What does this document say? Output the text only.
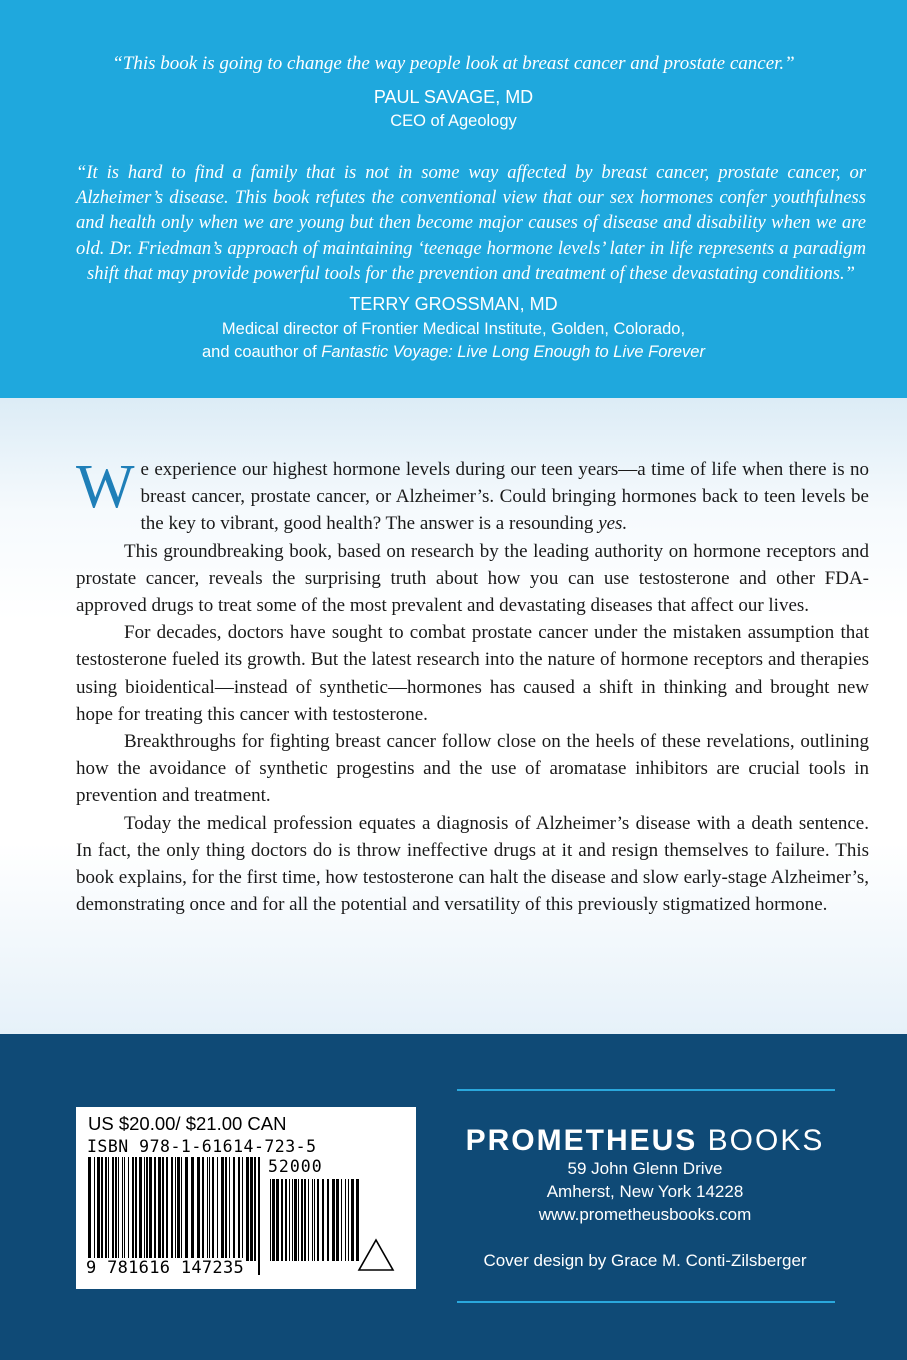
“This book is going to change the way people look at breast cancer and prostate cancer.”
PAUL SAVAGE, MD
CEO of Ageology
“It is hard to find a family that is not in some way affected by breast cancer, prostate cancer, or Alzheimer’s disease. This book refutes the conventional view that our sex hormones confer youthfulness and health only when we are young but then become major causes of disease and disability when we are old. Dr. Friedman’s approach of maintaining ‘teenage hormone levels’ later in life represents a paradigm shift that may provide powerful tools for the prevention and treatment of these devastating conditions.”
TERRY GROSSMAN, MD
Medical director of Frontier Medical Institute, Golden, Colorado,
and coauthor of Fantastic Voyage: Live Long Enough to Live Forever

We experience our highest hormone levels during our teen years—a time of life when there is no breast cancer, prostate cancer, or Alzheimer’s. Could bringing hormones back to teen levels be the key to vibrant, good health? The answer is a resounding yes.

This groundbreaking book, based on research by the leading authority on hormone receptors and prostate cancer, reveals the surprising truth about how you can use testosterone and other FDA-approved drugs to treat some of the most prevalent and devastating diseases that affect our lives.

For decades, doctors have sought to combat prostate cancer under the mistaken assumption that testosterone fueled its growth. But the latest research into the nature of hormone receptors and therapies using bioidentical—instead of synthetic—hormones has caused a shift in thinking and brought new hope for treating this cancer with testosterone.

Breakthroughs for fighting breast cancer follow close on the heels of these revelations, outlining how the avoidance of synthetic progestins and the use of aromatase inhibitors are crucial tools in prevention and treatment.

Today the medical profession equates a diagnosis of Alzheimer’s disease with a death sentence. In fact, the only thing doctors do is throw ineffective drugs at it and resign themselves to failure. This book explains, for the first time, how testosterone can halt the disease and slow early-stage Alzheimer’s, demonstrating once and for all the potential and versatility of this previously stigmatized hormone.

PROMETHEUS BOOKS
59 John Glenn Drive
Amherst, New York 14228
www.prometheusbooks.com
Cover design by Grace M. Conti-Zilsberger
US $20.00/ $21.00 CAN
ISBN 978-1-61614-723-5
52000
9 781616 147235
